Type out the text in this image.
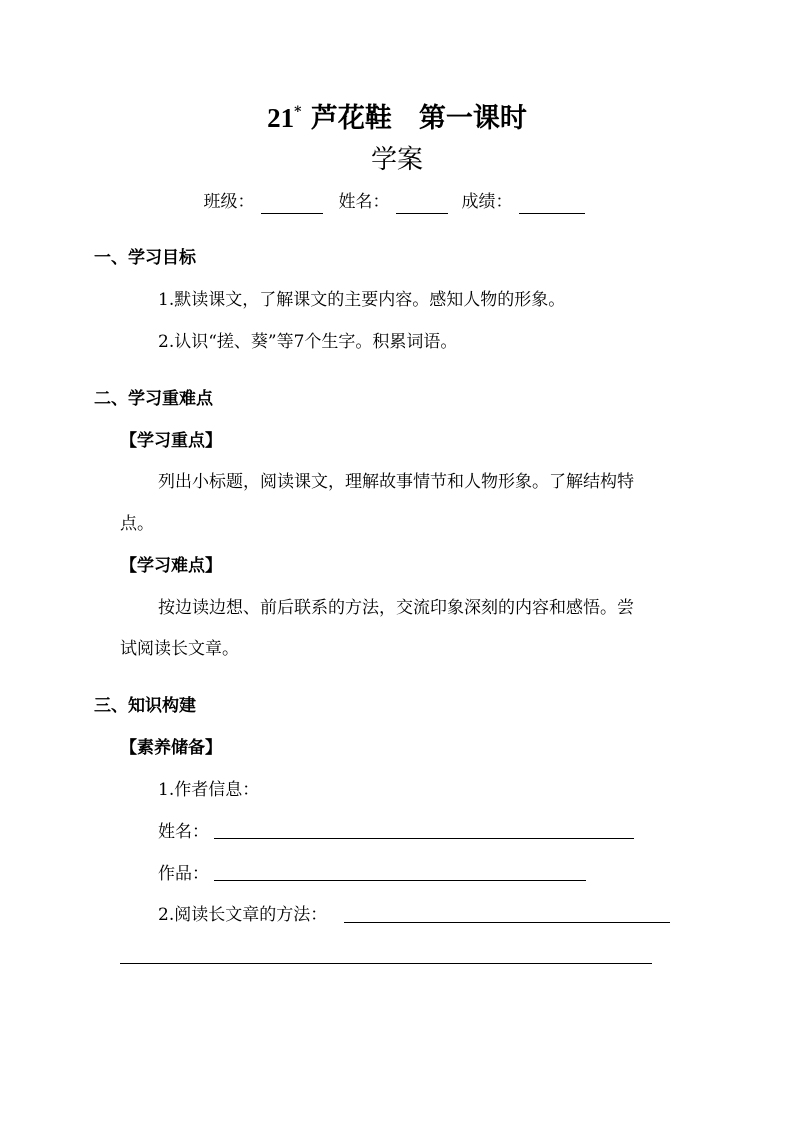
21* 芦花鞋　第一课时
学案
班级：	姓名：	成绩：
一、学习目标
1.默读课文，了解课文的主要内容。感知人物的形象。
2.认识“搓、葵”等7个生字。积累词语。
二、学习重难点
【学习重点】
列出小标题，阅读课文，理解故事情节和人物形象。了解结构特
点。
【学习难点】
按边读边想、前后联系的方法，交流印象深刻的内容和感悟。尝
试阅读长文章。
三、知识构建
【素养储备】
1.作者信息：
姓名：
作品：
2.阅读长文章的方法：
